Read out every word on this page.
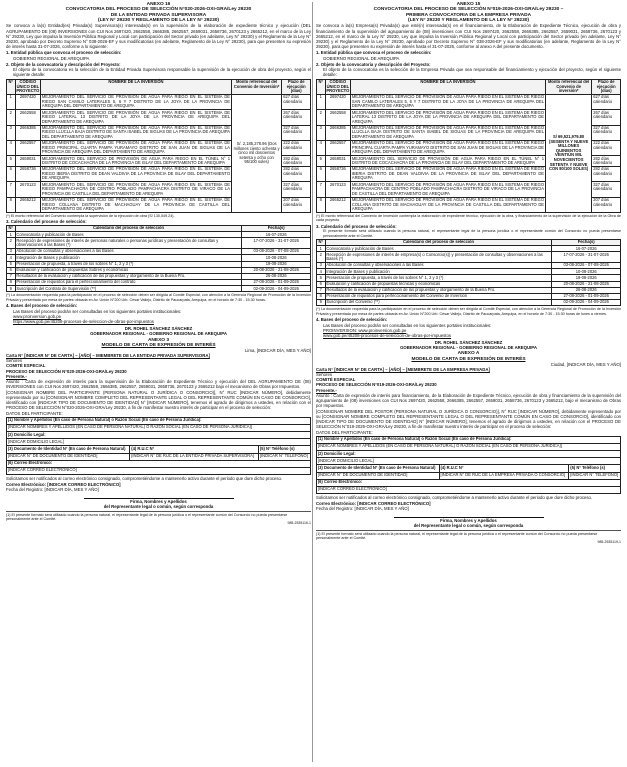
ANEXO 16
CONVOCATORIA DEL PROCESO DE SELECCIÓN N°020-2026-OXI-GRA/Ley 29230
DE LA ENTIDAD PRIVADA SUPERVISORA
(LEY N° 29230 Y REGLAMENTO DE LA LEY N° 29230)

Se convoca a la(s) Entidad(es) Privada(s) Supervisora(s) interesada(s) en la supervisión de la elaboración de expediente técnico y ejecución (DEL AGRUPAMIENTO DE (08) INVERSIONES con CUI Nos 2697420, 2662558, 2666385, 2662557, 2659031, 2658736, 2670123 y 2665212, en el marco de la Ley N° 29230, Ley que impulsa la Inversión Pública Regional y Local con participación del Sector privado (en adelante, Ley N° 29230) y el Reglamento de la Ley N° 29230, aprobado por Decreto Supremo N° 038-2026-EF y sus modificatorias (en adelante, Reglamento de la Ley N° 29230), para que presenten su expresión de interés hasta 31-07-2026, conforme a lo siguiente:

1. Entidad pública que convoca el proceso de selección:
GOBIERNO REGIONAL DE AREQUIPA
2. Objeto de la convocatoria y descripción del Proyecto:

El objeto de la convocatoria es la selección de la Entidad Privada Supervisora responsable la supervisión de la ejecución de obra del proyecto, según el siguiente detalle:

N°	CÓDIGO ÚNICO DEL PROYECTO	NOMBRE DE LA INVERSIÓN	Monto referencial del Convenio de Inversión*	Plazo de ejecución (días)
1	2697420	MEJORAMIENTO DEL SERVICIO DE PROVISIÓN DE AGUA PARA RIEGO EN EL SISTEMA DE RIEGO SAN CAMILO LATERALES 5, 6 Y 7 DISTRITO DE LA JOYA DE LA PROVINCIA DE AREQUIPA DEL DEPARTAMENTO DE AREQUIPA	S/. 2,185,278.96 (Dos millones ciento ochenta y cinco mil doscientos setenta y ocho con 95/100 soles)	627 días calendario
2	2662558	MEJORAMIENTO DEL SERVICIO DE PROVISIÓN DE AGUA PARA RIEGO EN EL SISTEMA DE RIEGO LATERAL 13 DISTRITO DE LA JOYA DE LA PROVINCIA DE AREQUIPA DEL DEPARTAMENTO DE AREQUIPA		267 días calendario
3	2666385	MEJORAMIENTO DEL SERVICIO DE PROVISIÓN DE AGUA PARA RIEGO EN EL SISTEMA DE RIEGO LLUCLLA BAJA DISTRITO DE SANTA ISABEL DE SIGUAS DE LA PROVINCIA DE AREQUIPA DEL DEPARTAMENTO DE AREQUIPA		327 días calendario
4	2662557	MEJORAMIENTO DEL SERVICIO DE PROVISIÓN DE AGUA PARA RIEGO EN EL SISTEMA DE RIEGO PRINCIPAL CUARTA PAMPA YURAMAYO DISTRITO DE SAN JUAN DE SIGUAS DE LA PROVINCIA DE AREQUIPA DEL DEPARTAMENTO DE AREQUIPA		222 días calendario
5	2659031	MEJORAMIENTO DEL SERVICIO DE PROVISIÓN DE AGUA PARA RIEGO EN EL TÚNEL N° 1 DISTRITO DE COCACHACRA DE LA PROVINCIA DE ISLAY DEL DEPARTAMENTO DE AREQUIPA		282 días calendario
6	2658736	MEJORAMIENTO DEL SERVICIO DE PROVISIÓN DE AGUA PARA RIEGO EN EL SISTEMA DE RIEGO IBERIA DISTRITO DE DEAN VALDIVIA DE LA PROVINCIA DE ISLAY DEL DEPARTAMENTO DE AREQUIPA		282 días calendario
7	2670123	MEJORAMIENTO DEL SERVICIO DE PROVISIÓN DE AGUA PARA RIEGO EN EL SISTEMA DE RIEGO PAMPACHACRA DE CENTRO POBLADO PAMPACHACRA DISTRITO DE VIRACO DE LA PROVINCIA DE CASTILLA DEL DEPARTAMENTO DE AREQUIPA		327 días calendario
8	2665212	MEJORAMIENTO DEL SERVICIO DE PROVISIÓN DE AGUA PARA RIEGO EN EL SISTEMA DE RIEGO COLLANA DISTRITO DE MACHAGUAY DE LA PROVINCIA DE CASTILLA DEL DEPARTAMENTO DE AREQUIPA		207 días calendario

(*) El monto referencial del Convenio contempla la supervisión de la ejecución de obra (S/ 130,549.24).

3. Calendario del proceso de selección:
N°	Calendario del proceso de selección	Fecha(s)
1	Convocatoria y publicación de Bases	16-07-2026
2	Recepción de expresiones de interés de personas naturales o personas jurídicas y presentación de consultas y observaciones a las Bases (*)	17-07-2026 - 31-07-2026
3	Absolución de consultas y observaciones a las Bases	03-08-2026 - 07-08-2026
4	Integración de Bases y publicación	10-08-2026
5	Presentación de propuesta, a través de los sobres N° 1, 2 y 3 (*)	19-08-2026
6	Evaluación y calificación de propuestas Sobres y económicas	20-08-2026 - 21-08-2026
7	Resultados de la evaluación y calificación de las propuestas y otorgamiento de la Buena Pro.	26-08-2026
8	Presentación de requisitos para el perfeccionamiento del contrato	27-08-2026 - 01-09-2026
9	Suscripción del Contrato de Supervisión (**)	02-09-2026 - 04-09-2026

(*) La documentación requerida para la participación en el proceso de selección deben ser dirigida al Comité Especial, con atención a la Gerencia Regional de Promoción de la Inversión Privada y presentada por mesa de partes ubicada en Av. Unión N°200 Urb. César Vallejo, Distrito de Paucarpata, Arequipa, en el horario de 7:30 - 15:30 horas.

4. Bases del proceso de selección:
Las Bases del proceso podrán ser consultadas en los siguientes portales institucionales:
www.proinversion.gob.pe
https://www.gob.pe/45208-procesos-de-seleccion-de-obras-por-impuestos
DR. ROHEL SÁNCHEZ SÁNCHEZ
GOBERNADOR REGIONAL - GOBIERNO REGIONAL DE AREQUIPA
ANEXO 3
MODELO DE CARTA DE EXPRESIÓN DE INTERÉS
Lima, [INDICAR DÍA, MES Y AÑO]
Carta N° [INDICAR N° DE CARTA] – [AÑO] – IMEMBRETE DE LA ENTIDAD PRIVADA SUPERVISORA]
Señores
COMITÉ ESPECIAL
PROCESO DE SELECCIÓN N°020-2026-OXI-GRA/Ley 29230
Presente.-

Asunto : Carta de expresión de interés para la supervisión de la Elaboración de Expediente Técnico y ejecución del DEL AGRUPAMIENTO DE (08) INVERSIONES con CUI Nos 2697420, 2662558, 2666385, 2662557, 2659031, 2658736, 2670123 y 2665212 bajo el mecanismo de Obras por Impuestos.

[CONSIGNAR NOMBRE DEL PARTICIPANTE (PERSONA NATURAL O JURÍDICA O CONSORCIO)], N° RUC [INDICAR NÚMERO], debidamente representado por su [CONSIGNAR NOMBRE COMPLETO DEL REPRESENTANTE LEGAL O DEL REPRESENTANTE COMÚN EN CASO DE CONSORCIO], identificado con [INDICAR TIPO DE DOCUMENTO DE IDENTIDAD] N° [INDICAR NÚMERO], tenemos el agrado de dirigirnos a ustedes, en relación con el PROCESO DE SELECCIÓN N°020-2026-OXI-GRA/Ley 29230, a fin de manifestar nuestro interés de participar en el proceso de selección:

DATOS DEL PARTICIPANTE:
(1) Nombre y Apellidos (En caso de Persona Natural) o Razón Social (En caso de Persona Jurídica):		
[INDICAR NOMBRES Y APELLIDOS (EN CASO DE PERSONA NATURAL) O RAZÓN SOCIAL (EN CASO DE PERSONA JURÍDICA)]		
(2) Domicilio Legal:		
[INDICAR DOMICILIO LEGAL]		
(3) Documento de Identidad N° (En caso de Persona Natural)	(4) R.U.C N°	(5) N° Teléfono (s)
[INDICAR N° DE DOCUMENTO DE IDENTIDAD]	[INDICAR N° DE RUC DE LA ENTIDAD PRIVADA SUPERVISORA]	[INDICAR N° TELÉFONO]
(6) Correo Electrónico:		
[INDICAR CORREO ELECTRÓNICO]		

Solicitamos ser notificados al correo electrónico consignado, comprometiéndome a mantenerlo activo durante el periodo que dure dicho proceso.

Correo Electrónico: [INDICAR CORREO ELECTRÓNICO]
Fecha del Registro: [INDICAR DÍA, MES Y AÑO]
Firma, Nombres y Apellidos
del Representante legal o común, según corresponda
(1) El presente formato será utilizado cuando la persona natural, el representante legal de la persona jurídica o el representante común del Consorcio no pueda presentarse personalmente ante el Comité.
985-2535116-1
ANEXO 15
CONVOCATORIA DEL PROCESO DE SELECCIÓN N°019-2026-OXI-GRA/Ley 29230 –
PRIMERA CONVOCATORIA DE LA EMPRESA PRIVADA
(LEY N° 29230 Y REGLAMENTO DE LA LEY N° 29230)

Se convoca a la(s) Empresa(s) Privada(s) que esté(n) interesada(s) en el financiamiento, de la Elaboración de Expediente Técnico, ejecución de obra y financiamiento de la supervisión del agrupamiento de (08) inversiones con CUI Nos 2697420, 2662558, 2666385, 2662557, 2659031, 2658736, 2670123 y 2665212, en el marco de la Ley N° 29230, Ley que impulsa la Inversión Pública Regional y Local con participación del Sector privado (en adelante, Ley N° 29230) y el Reglamento de la Ley N° 29230, aprobado por Decreto Supremo N° 038-2026-EF y sus modificatorias (en adelante, Reglamento de la Ley N° 29230), para que presenten su expresión de interés hasta el 31-07-2026, conforme al anexo A del presente documento.

1. Entidad pública que convoca el proceso de selección:
GOBIERNO REGIONAL DE AREQUIPA
2. Objeto de la convocatoria y descripción del Proyecto:

El objeto de la convocatoria es la selección de la Empresa Privada que sea responsable del financiamiento y ejecución del proyecto, según el siguiente detalle:

N°	CÓDIGO ÚNICO DEL PROYECTO	NOMBRE DE LA INVERSIÓN	Monto referencial del Convenio de inversión*	Plazo de ejecución (días)
1	2697420	MEJORAMIENTO DEL SERVICIO DE PROVISIÓN DE AGUA PARA RIEGO EN EL SISTEMA DE RIEGO SAN CAMILO LATERALES 5, 6 Y 7 DISTRITO DE LA JOYA DE LA PROVINCIA DE AREQUIPA DEL DEPARTAMENTO DE AREQUIPA	S/ 69,521,979.80 (SESENTA Y NUEVE MILLONES QUINIENTOS VEINTIÚN MIL NOVECIENTOS SETENTA Y NUEVE CON 80/100 SOLES)	627 días calendario
2	2662558	MEJORAMIENTO DEL SERVICIO DE PROVISIÓN DE AGUA PARA RIEGO EN EL SISTEMA DE RIEGO LATERAL 13 DISTRITO DE LA JOYA DE LA PROVINCIA DE AREQUIPA DEL DEPARTAMENTO DE AREQUIPA		267 días calendario
3	2666385	MEJORAMIENTO DEL SERVICIO DE PROVISIÓN DE AGUA PARA RIEGO EN EL SISTEMA DE RIEGO LLUCLLA BAJA DISTRITO DE SANTA ISABEL DE SIGUAS DE LA PROVINCIA DE AREQUIPA DEL DEPARTAMENTO DE AREQUIPA		327 días calendario
4	2662557	MEJORAMIENTO DEL SERVICIO DE PROVISIÓN DE AGUA PARA RIEGO EN EL SISTEMA DE RIEGO PRINCIPAL CUARTA PAMPA YURAMAYO DISTRITO DE SAN JUAN DE SIGUAS DE LA PROVINCIA DE AREQUIPA DEL DEPARTAMENTO DE AREQUIPA		222 días calendario
5	2659031	MEJORAMIENTO DEL SERVICIO DE PROVISIÓN DE AGUA PARA RIEGO EN EL TÚNEL N° 1 DISTRITO DE COCACHACRA DE LA PROVINCIA DE ISLAY DEL DEPARTAMENTO DE AREQUIPA		282 días calendario
6	2658736	MEJORAMIENTO DEL SERVICIO DE PROVISIÓN DE AGUA PARA RIEGO EN EL SISTEMA DE RIEGO IBERIA DISTRITO DE DEAN VALDIVIA DE LA PROVINCIA DE ISLAY DEL DEPARTAMENTO DE AREQUIPA		282 días calendario
7	2670123	MEJORAMIENTO DEL SERVICIO DE PROVISIÓN DE AGUA PARA RIEGO EN EL SISTEMA DE RIEGO PAMPACHACRA DE CENTRO POBLADO PAMPACHACRA DISTRITO DE VIRACO DE LA PROVINCIA DE CASTILLA DEL DEPARTAMENTO DE AREQUIPA		327 días calendario
8	2665212	MEJORAMIENTO DEL SERVICIO DE PROVISIÓN DE AGUA PARA RIEGO EN EL SISTEMA DE RIEGO COLLANA DISTRITO DE MACHAGUAY DE LA PROVINCIA DE CASTILLA DEL DEPARTAMENTO DE AREQUIPA		207 días calendario

(*) El monto referencial del Convenio de Inversión contempla la elaboración de expediente técnico, ejecución de la obra, y financiamiento de la supervisión de la ejecución de la Obra de cada proyecto.

3. Calendario del proceso de selección:

El presente formato será utilizado cuando la persona natural, el representante legal de la persona jurídica o el representante común del Consorcio no pueda presentarse personalmente ante el Comité.

N°	Calendario del proceso de selección	Fecha(s)
1	Convocatoria y publicación de Bases	16-07-2026
2	Recepción de expresiones de interés de empresa(s) o Consorcio(s)) y presentación de consultas y observaciones a las Bases (*)	17-07-2026 - 31-07-2026
3	Absolución de consultas y observaciones a las Bases	03-08-2026 - 07-08-2026
4	Integración de Bases y publicación	10-08-2026
5	Presentación de propuesta, a través de los sobres N° 1, 2 y 3 (*)	19-08-2026
6	Evaluación y calificación de propuestas técnicas y económicas	20-08-2026 - 21-08-2026
7	Resultados de la evaluación y calificación de las propuestas y otorgamiento de la Buena Pro.	26-08-2026
8	Presentación de requisitos para perfeccionamiento del Convenio de Inversión	27-08-2026 - 01-09-2026
9	Suscripción del Convenio (**)	02-09-2026 - 04-09-2026

(*) La documentación requerida para la participación en el proceso de selección deben ser dirigida al Comité Especial, con atención a la Gerencia Regional de Promoción de la Inversión Privada y presentada por mesa de partes ubicada en Av. Unión N°200 Urb. César Vallejo, Distrito de Paucarpata, Arequipa, en el horario de 7:30 - 15:30 horas de lunes a viernes.

4. Bases del proceso de selección:
Las Bases del proceso podrán ser consultadas en los siguientes portales institucionales:
PROINVERSION: www.proinversion.gob.pe
www.gob.pe/45208-procesos-de-seleccion-de-obras-por-impuestos
DR. ROHEL SÁNCHEZ SÁNCHEZ
GOBERNADOR REGIONAL - GOBIERNO REGIONAL DE AREQUIPA
ANEXO A
MODELO DE CARTA DE EXPRESIÓN DE INTERÉS
Ciudad, [INDICAR DÍA, MES Y AÑO]
Carta N° [INDICAR N° DE CARTA] – [AÑO] – [MEMBRETE DE LA EMPRESA PRIVADA]
Señores
COMITÉ ESPECIAL
PROCESO DE SELECCIÓN N°019-2026-OXI-GRA/Ley 29230
Presente.-

Asunto : Carta de expresión de interés para financiamiento, de la Elaboración de Expediente Técnico, ejecución de obra y financiamiento de la supervisión del agrupamiento de (08) inversiones con CUI Nos 2697420, 2662558, 2666385, 2662557, 2659031, 2658736, 2670123 y 2665212, bajo el mecanismo de Obras por Impuestos.

[CONSIGNAR NOMBRE DEL POSTOR (PERSONA NATURAL O JURÍDICA O CONSORCIO)], N° RUC [INDICAR NÚMERO], debidamente representado por su [CONSIGNAR NOMBRE COMPLETO DEL REPRESENTANTE LEGAL O DEL REPRESENTANTE COMÚN EN CASO DE CONSORCIO], identificado con [INDICAR TIPO DE DOCUMENTO DE IDENTIDAD] N° [INDICAR NÚMERO], tenemos el agrado de dirigirnos a ustedes, en relación con el PROCESO DE SELECCIÓN N°019-2026-OXI-GRA/Ley 29230, a fin de manifestar nuestro interés de participar en el proceso de selección:

DATOS DEL PARTICIPANTE:
(1) Nombre y Apellidos (En caso de Persona Natural) o Razón Social (En caso de Persona Jurídica):		
[INDICAR NOMBRES Y APELLIDOS (EN CASO DE PERSONA NATURAL) O RAZÓN SOCIAL (EN CASO DE PERSONA JURÍDICA)]		
(2) Domicilio Legal:		
[INDICAR DOMICILIO LEGAL]		
(3) Documento de Identidad N° (En caso de Persona Natural)	(4) R.U.C N°	(5) N° Teléfono (s)
[INDICAR N° DE DOCUMENTO DE IDENTIDAD]	[INDICAR N° DE RUC DE LA EMPRESA PRIVADA O CONSORCIO]	[INDICAR N° TELÉFONO]
(6) Correo Electrónico:		
[INDICAR CORREO ELECTRÓNICO]		

Solicitamos ser notificados al correo electrónico consignado, comprometiéndome a mantenerlo activo durante el periodo que dure dicho proceso.

Correo Electrónico: [INDICAR CORREO ELECTRÓNICO]
Fecha del Registro: [INDICAR DÍA, MES Y AÑO]
Firma, Nombres y Apellidos
del Representante legal o común, según corresponda
(1) El presente formato será utilizado cuando la persona natural, el representante legal de la persona jurídica o el representante común del Consorcio no pueda presentarse personalmente ante el Comité.
985-2535119-1
